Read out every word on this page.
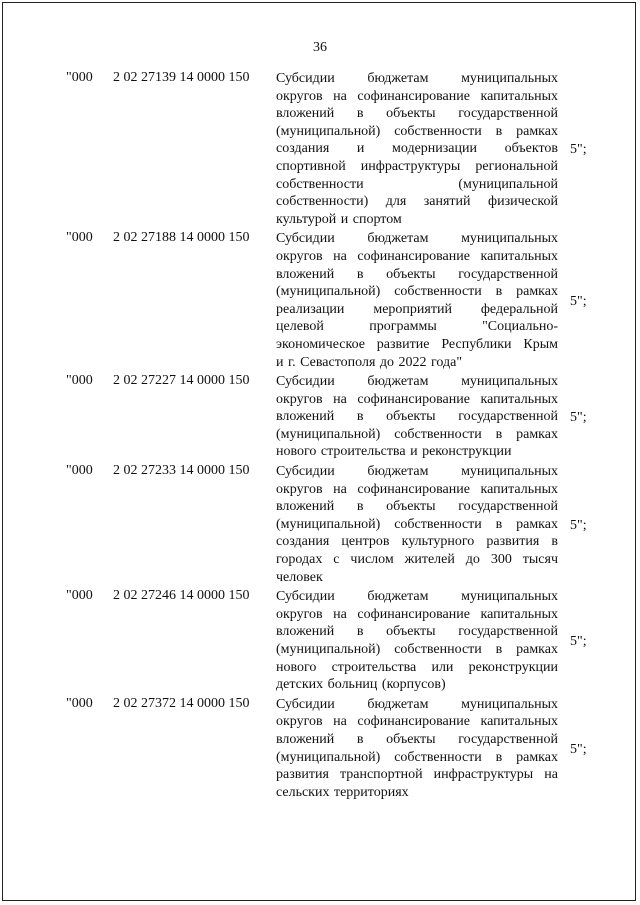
36
"000 2 02 27139 14 0000 150 Субсидии бюджетам муниципальных
округов на софинансирование капитальных
вложений в объекты государственной
(муниципальной) собственности в рамках
создания и модернизации объектов
спортивной инфраструктуры региональной
собственности (муниципальной
собственности) для занятий физической
культурой и спортом
5";
"000 2 02 27188 14 0000 150 Субсидии бюджетам муниципальных
округов на софинансирование капитальных
вложений в объекты государственной
(муниципальной) собственности в рамках
реализации мероприятий федеральной
целевой программы "Социально-
экономическое развитие Республики Крым
и г. Севастополя до 2022 года"
5";
"000 2 02 27227 14 0000 150 Субсидии бюджетам муниципальных
округов на софинансирование капитальных
вложений в объекты государственной
(муниципальной) собственности в рамках
нового строительства и реконструкции
5";
"000 2 02 27233 14 0000 150 Субсидии бюджетам муниципальных
округов на софинансирование капитальных
вложений в объекты государственной
(муниципальной) собственности в рамках
создания центров культурного развития в
городах с числом жителей до 300 тысяч
человек
5";
"000 2 02 27246 14 0000 150 Субсидии бюджетам муниципальных
округов на софинансирование капитальных
вложений в объекты государственной
(муниципальной) собственности в рамках
нового строительства или реконструкции
детских больниц (корпусов)
5";
"000 2 02 27372 14 0000 150 Субсидии бюджетам муниципальных
округов на софинансирование капитальных
вложений в объекты государственной
(муниципальной) собственности в рамках
развития транспортной инфраструктуры на
сельских территориях
5";
